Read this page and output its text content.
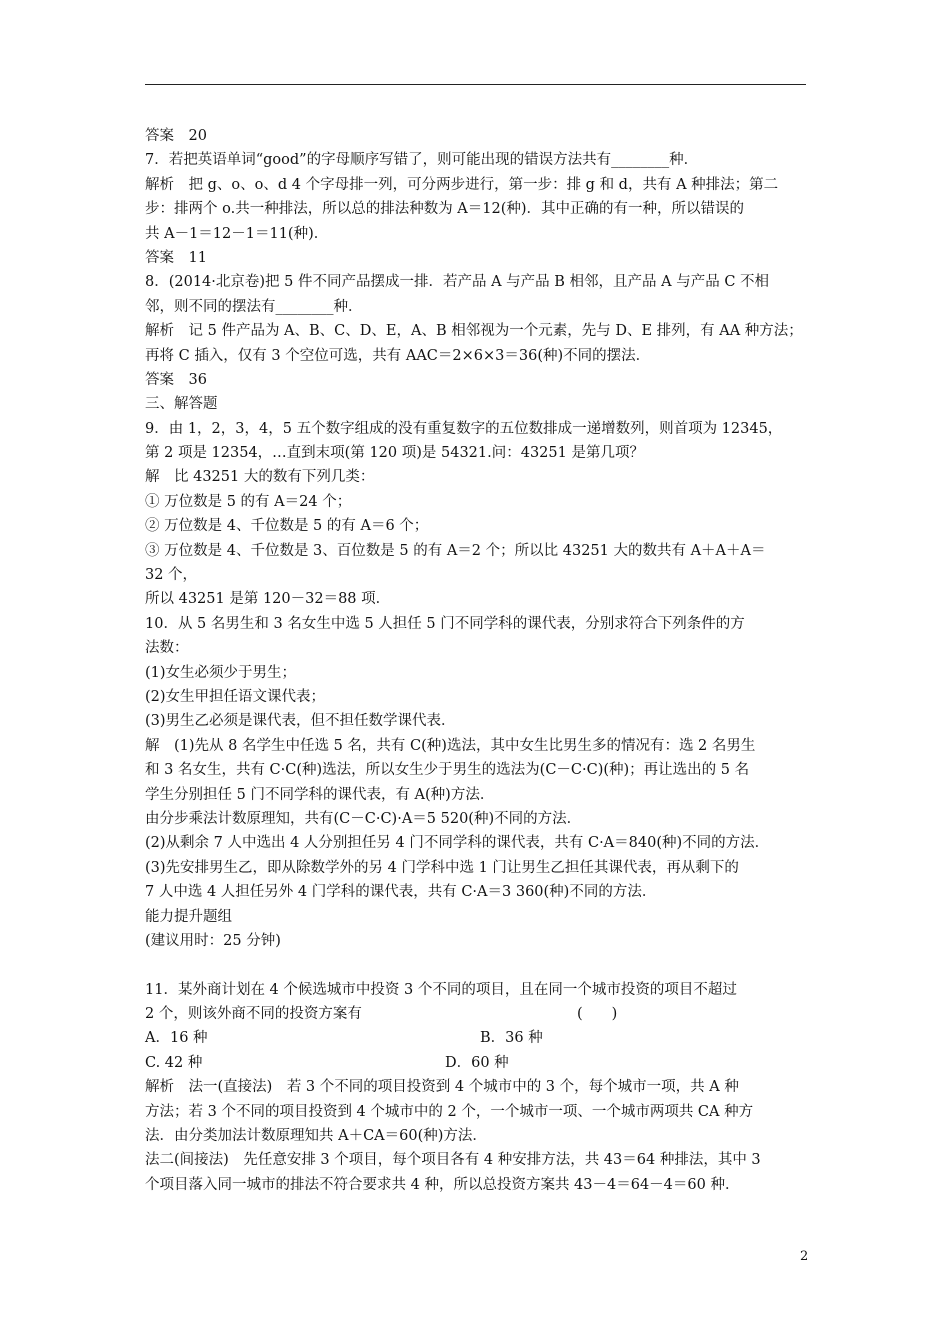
答案　20
7．若把英语单词“good”的字母顺序写错了，则可能出现的错误方法共有________种．
解析　把 g、o、o、d 4 个字母排一列，可分两步进行，第一步：排 g 和 d，共有 A 种排法；第二
步：排两个 o.共一种排法，所以总的排法种数为 A＝12(种)．其中正确的有一种，所以错误的
共 A－1＝12－1＝11(种)．
答案　11
8．(2014·北京卷)把 5 件不同产品摆成一排．若产品 A 与产品 B 相邻，且产品 A 与产品 C 不相
邻，则不同的摆法有________种．
解析　记 5 件产品为 A、B、C、D、E，A、B 相邻视为一个元素，先与 D、E 排列，有 AA 种方法；
再将 C 插入，仅有 3 个空位可选，共有 AAC＝2×6×3＝36(种)不同的摆法．
答案　36
三、解答题
9．由 1，2，3，4，5 五个数字组成的没有重复数字的五位数排成一递增数列，则首项为 12345，
第 2 项是 12354，…直到末项(第 120 项)是 54321.问：43251 是第几项？
解　比 43251 大的数有下列几类：
① 万位数是 5 的有 A＝24 个；
② 万位数是 4、千位数是 5 的有 A＝6 个；
③ 万位数是 4、千位数是 3、百位数是 5 的有 A＝2 个；所以比 43251 大的数共有 A＋A＋A＝
32 个，
所以 43251 是第 120－32＝88 项．
10．从 5 名男生和 3 名女生中选 5 人担任 5 门不同学科的课代表，分别求符合下列条件的方
法数：
(1)女生必须少于男生；
(2)女生甲担任语文课代表；
(3)男生乙必须是课代表，但不担任数学课代表．
解　(1)先从 8 名学生中任选 5 名，共有 C(种)选法，其中女生比男生多的情况有：选 2 名男生
和 3 名女生，共有 C·C(种)选法，所以女生少于男生的选法为(C－C·C)(种)；再让选出的 5 名
学生分别担任 5 门不同学科的课代表，有 A(种)方法．
由分步乘法计数原理知，共有(C－C·C)·A＝5 520(种)不同的方法．
(2)从剩余 7 人中选出 4 人分别担任另 4 门不同学科的课代表，共有 C·A＝840(种)不同的方法．
(3)先安排男生乙，即从除数学外的另 4 门学科中选 1 门让男生乙担任其课代表，再从剩下的
7 人中选 4 人担任另外 4 门学科的课代表，共有 C·A＝3 360(种)不同的方法．
能力提升题组
(建议用时：25 分钟)
11．某外商计划在 4 个候选城市中投资 3 个不同的项目，且在同一个城市投资的项目不超过
2 个，则该外商不同的投资方案有	(　　)
A．16 种	B．36 种
C. 42 种	D．60 种
解析　法一(直接法)　若 3 个不同的项目投资到 4 个城市中的 3 个，每个城市一项，共 A 种
方法；若 3 个不同的项目投资到 4 个城市中的 2 个，一个城市一项、一个城市两项共 CA 种方
法．由分类加法计数原理知共 A＋CA＝60(种)方法．
法二(间接法)　先任意安排 3 个项目，每个项目各有 4 种安排方法，共 43＝64 种排法，其中 3
个项目落入同一城市的排法不符合要求共 4 种，所以总投资方案共 43－4＝64－4＝60 种．
2
